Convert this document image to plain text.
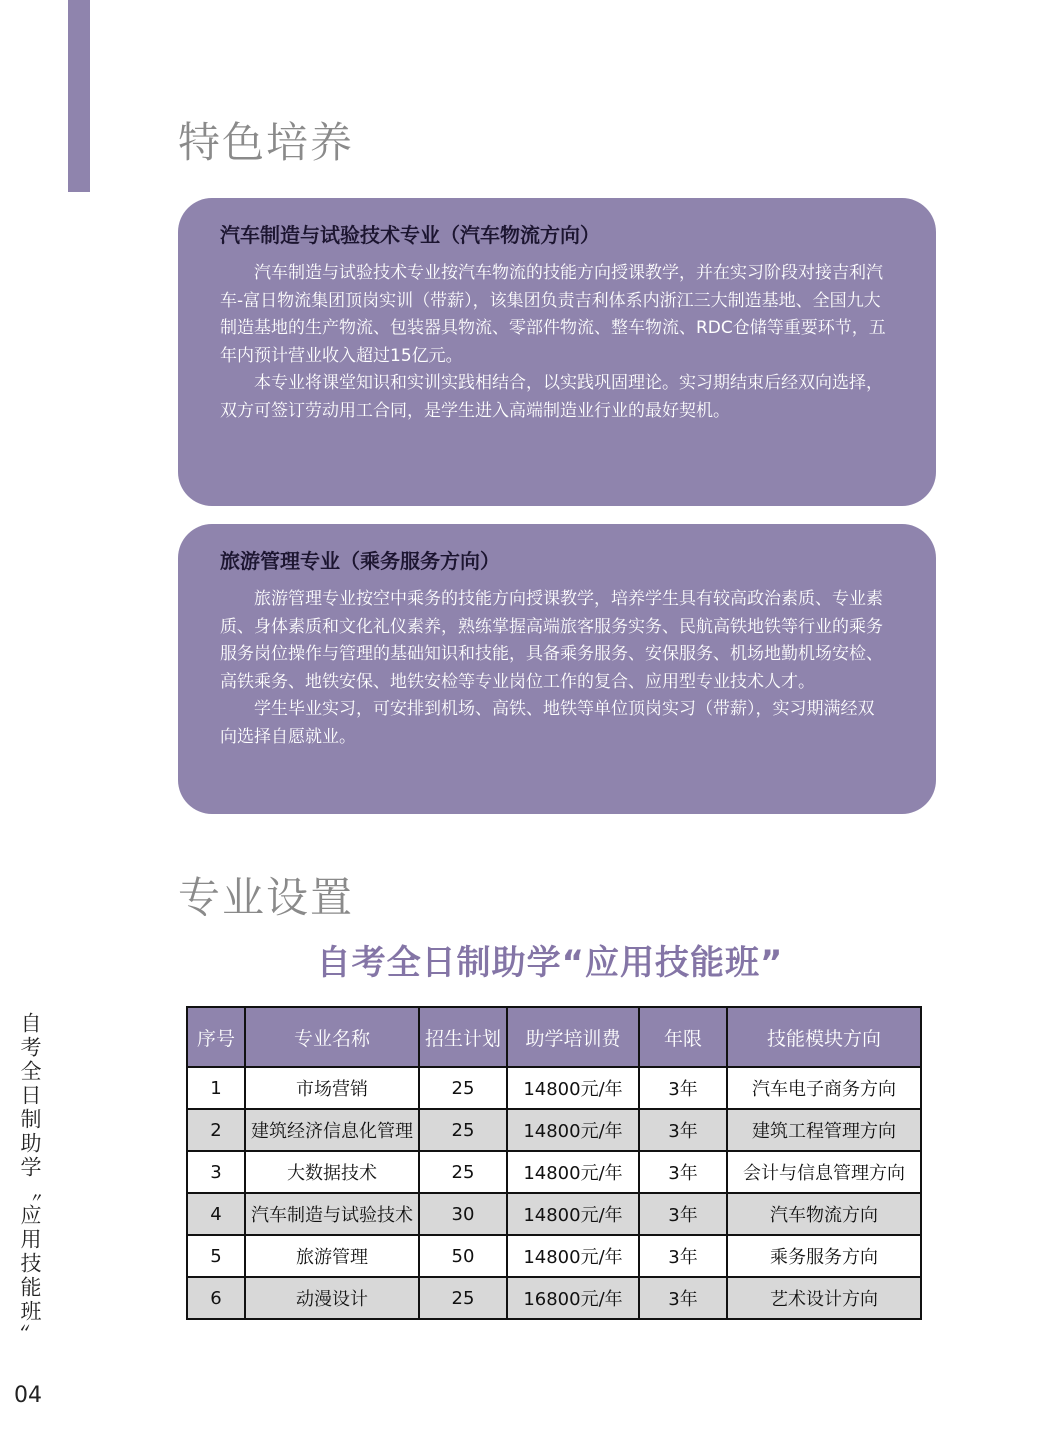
特色培养
汽车制造与试验技术专业（汽车物流方向）

汽车制造与试验技术专业按汽车物流的技能方向授课教学，并在实习阶段对接吉利汽车-富日物流集团顶岗实训（带薪），该集团负责吉利体系内浙江三大制造基地、全国九大制造基地的生产物流、包装器具物流、零部件物流、整车物流、RDC仓储等重要环节，五年内预计营业收入超过15亿元。

本专业将课堂知识和实训实践相结合，以实践巩固理论。实习期结束后经双向选择，双方可签订劳动用工合同，是学生进入高端制造业行业的最好契机。

旅游管理专业（乘务服务方向）

旅游管理专业按空中乘务的技能方向授课教学，培养学生具有较高政治素质、专业素质、身体素质和文化礼仪素养，熟练掌握高端旅客服务实务、民航高铁地铁等行业的乘务服务岗位操作与管理的基础知识和技能，具备乘务服务、安保服务、机场地勤机场安检、高铁乘务、地铁安保、地铁安检等专业岗位工作的复合、应用型专业技术人才。

学生毕业实习，可安排到机场、高铁、地铁等单位顶岗实习（带薪），实习期满经双向选择自愿就业。

专业设置
自考全日制助学“应用技能班”
序号	专业名称	招生计划	助学培训费	年限	技能模块方向
1	市场营销	25	14800元/年	3年	汽车电子商务方向
2	建筑经济信息化管理	25	14800元/年	3年	建筑工程管理方向
3	大数据技术	25	14800元/年	3年	会计与信息管理方向
4	汽车制造与试验技术	30	14800元/年	3年	汽车物流方向
5	旅游管理	50	14800元/年	3年	乘务服务方向
6	动漫设计	25	16800元/年	3年	艺术设计方向
自考全日制助学〝应用技能班〞
04
